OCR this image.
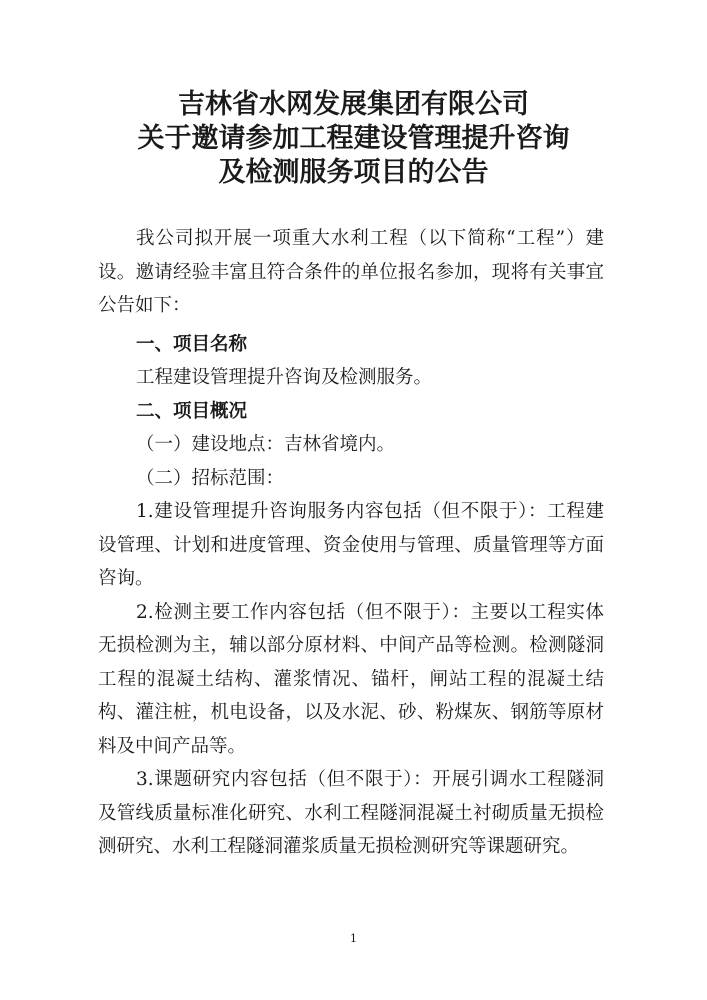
吉林省水网发展集团有限公司
关于邀请参加工程建设管理提升咨询
及检测服务项目的公告

我公司拟开展一项重大水利工程（以下简称“工程”）建设。邀请经验丰富且符合条件的单位报名参加，现将有关事宜公告如下：

一、项目名称

工程建设管理提升咨询及检测服务。

二、项目概况

（一）建设地点：吉林省境内。

（二）招标范围：

1.建设管理提升咨询服务内容包括（但不限于）：工程建设管理、计划和进度管理、资金使用与管理、质量管理等方面咨询。

2.检测主要工作内容包括（但不限于）：主要以工程实体无损检测为主，辅以部分原材料、中间产品等检测。检测隧洞工程的混凝土结构、灌浆情况、锚杆，闸站工程的混凝土结构、灌注桩，机电设备，以及水泥、砂、粉煤灰、钢筋等原材料及中间产品等。

3.课题研究内容包括（但不限于）：开展引调水工程隧洞及管线质量标准化研究、水利工程隧洞混凝土衬砌质量无损检测研究、水利工程隧洞灌浆质量无损检测研究等课题研究。

1
